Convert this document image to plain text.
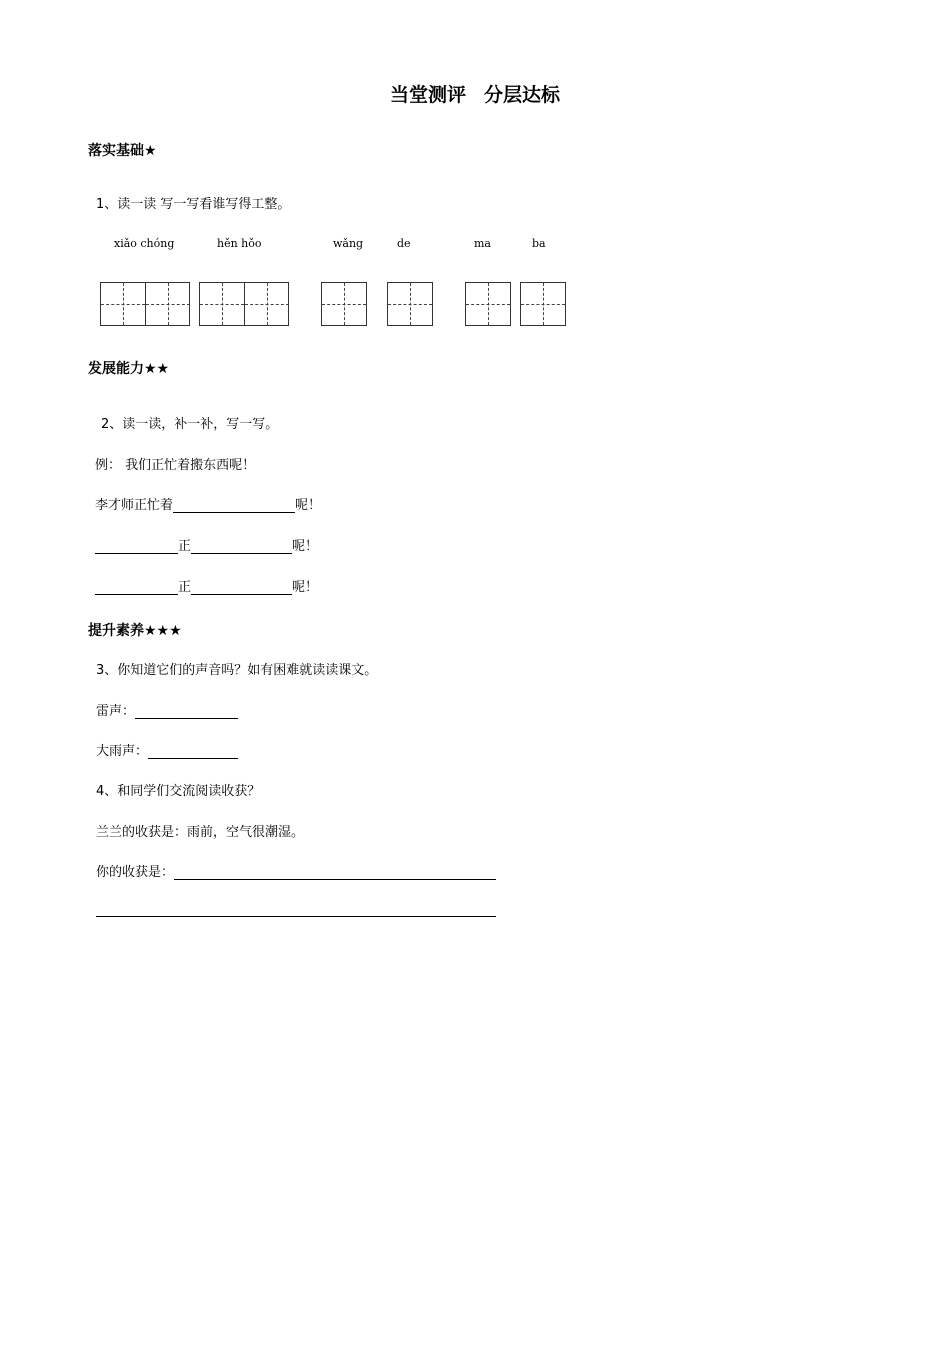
当堂测评 分层达标
落实基础★
1、读一读 写一写看谁写得工整。
xiǎo chóng	hěn hǒo	wǎng	de	ma	ba
发展能力★★
2、读一读，补一补，写一写。
例： 我们正忙着搬东西呢！
李才师正忙着	呢！
正	呢！
正	呢！
提升素养★★★
3、你知道它们的声音吗？如有困难就读读课文。
雷声：
大雨声：
4、和同学们交流阅读收获？
兰兰的收获是：雨前，空气很潮湿。
你的收获是：
